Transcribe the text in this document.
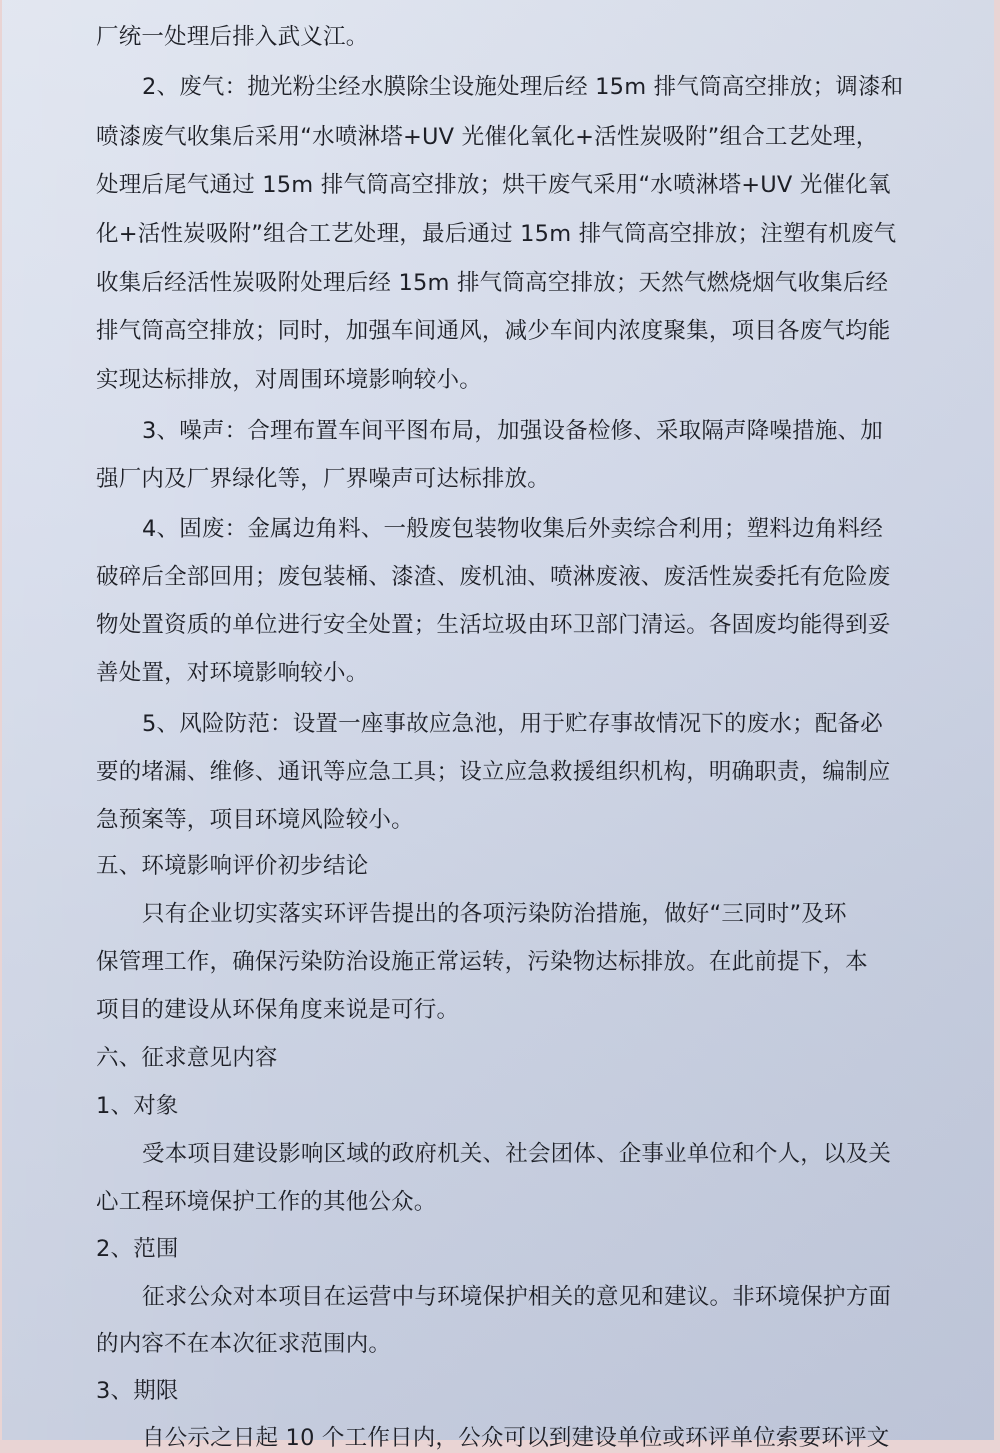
厂统一处理后排入武义江。
2、废气：抛光粉尘经水膜除尘设施处理后经 15m 排气筒高空排放；调漆和
喷漆废气收集后采用“水喷淋塔+UV 光催化氧化+活性炭吸附”组合工艺处理，
处理后尾气通过 15m 排气筒高空排放；烘干废气采用“水喷淋塔+UV 光催化氧
化+活性炭吸附”组合工艺处理，最后通过 15m 排气筒高空排放；注塑有机废气
收集后经活性炭吸附处理后经 15m 排气筒高空排放；天然气燃烧烟气收集后经
排气筒高空排放；同时，加强车间通风，减少车间内浓度聚集，项目各废气均能
实现达标排放，对周围环境影响较小。
3、噪声：合理布置车间平图布局，加强设备检修、采取隔声降噪措施、加
强厂内及厂界绿化等，厂界噪声可达标排放。
4、固废：金属边角料、一般废包装物收集后外卖综合利用；塑料边角料经
破碎后全部回用；废包装桶、漆渣、废机油、喷淋废液、废活性炭委托有危险废
物处置资质的单位进行安全处置；生活垃圾由环卫部门清运。各固废均能得到妥
善处置，对环境影响较小。
5、风险防范：设置一座事故应急池，用于贮存事故情况下的废水；配备必
要的堵漏、维修、通讯等应急工具；设立应急救援组织机构，明确职责，编制应
急预案等，项目环境风险较小。
五、环境影响评价初步结论
只有企业切实落实环评告提出的各项污染防治措施，做好“三同时”及环
保管理工作，确保污染防治设施正常运转，污染物达标排放。在此前提下，本
项目的建设从环保角度来说是可行。
六、征求意见内容
1、对象
受本项目建设影响区域的政府机关、社会团体、企事业单位和个人，以及关
心工程环境保护工作的其他公众。
2、范围
征求公众对本项目在运营中与环境保护相关的意见和建议。非环境保护方面
的内容不在本次征求范围内。
3、期限
自公示之日起 10 个工作日内，公众可以到建设单位或环评单位索要环评文
